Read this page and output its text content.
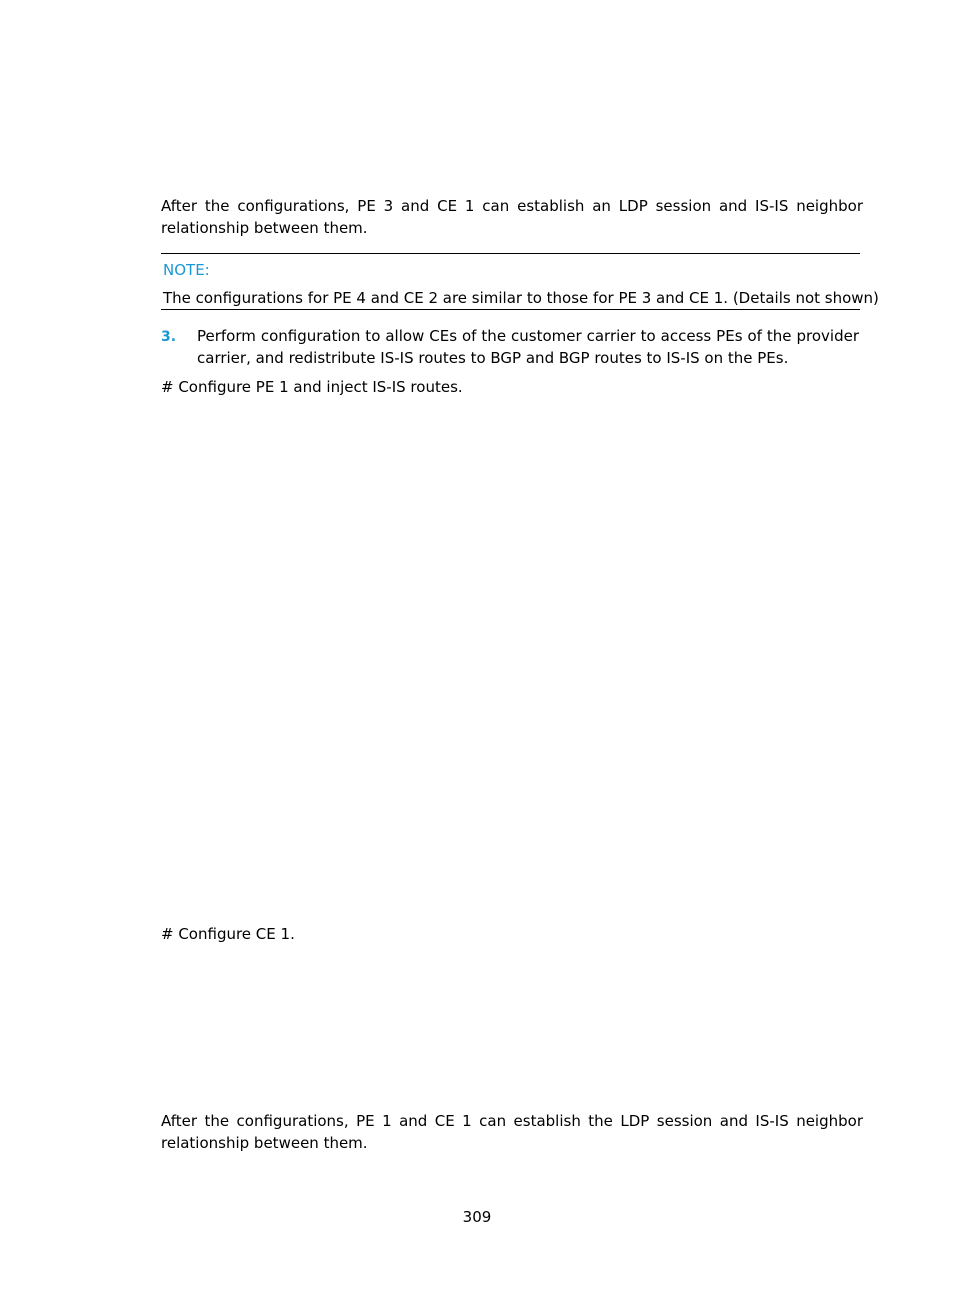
After the configurations, PE 3 and CE 1 can establish an LDP session and IS-IS neighbor relationship between them.

NOTE:
The configurations for PE 4 and CE 2 are similar to those for PE 3 and CE 1. (Details not shown)
3. Perform configuration to allow CEs of the customer carrier to access PEs of the provider carrier, and redistribute IS-IS routes to BGP and BGP routes to IS-IS on the PEs.

# Configure PE 1 and inject IS-IS routes.
# Configure CE 1.

After the configurations, PE 1 and CE 1 can establish the LDP session and IS-IS neighbor relationship between them.

309
